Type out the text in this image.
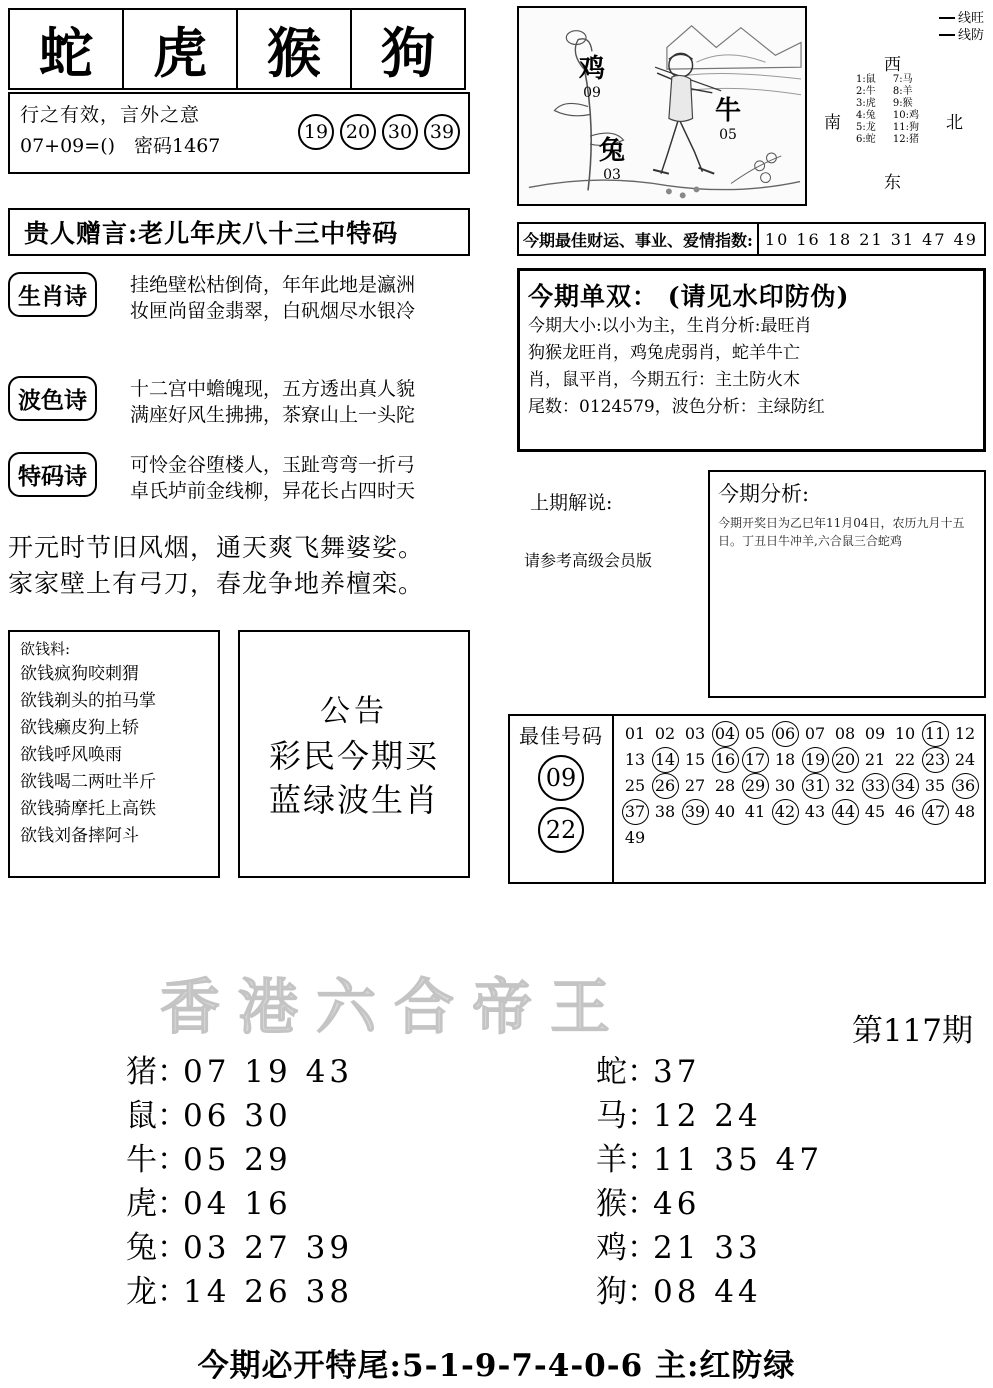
蛇	虎	猴	狗
行之有效，言外之意
07+09=()　密码1467
19 20 30 39
贵人赠言:老儿年庆八十三中特码
生肖诗	挂绝壁松枯倒倚，年年此地是瀛洲
妆匣尚留金翡翠，白矾烟尽水银冷
波色诗	十二宫中蟾魄现，五方透出真人貌
满座好风生拂拂，茶寮山上一头陀
特码诗	可怜金谷堕楼人，玉趾弯弯一折弓
卓氏垆前金线柳，异花长占四时天
开元时节旧风烟，通天爽飞舞婆娑。
家家壁上有弓刀，春龙争地养檀栾。
欲钱料:
欲钱疯狗咬刺猬
欲钱剃头的拍马掌
欲钱癞皮狗上轿
欲钱呼风唤雨
欲钱喝二两吐半斤
欲钱骑摩托上高铁
欲钱刘备摔阿斗
公告
彩民今期买
蓝绿波生肖
鸡
09
牛
05
兔
03
线旺
线防
西
北
南
东
1:鼠
2:牛
3:虎
4:兔
5:龙
6:蛇

7:马
8:羊
9:猴
10:鸡
11:狗
12:猪
今期最佳财运、事业、爱情指数: 10 16 18 21 31 47 49
今期单双： (请见水印防伪)
今期大小:以小为主，生肖分析:最旺肖
狗猴龙旺肖，鸡兔虎弱肖，蛇羊牛亡
肖，鼠平肖，今期五行：主土防火木
尾数：0124579，波色分析：主绿防红
上期解说:
请参考高级会员版
今期分析:
今期开奖日为乙巳年11月04日，农历九月十五日。丁丑日牛冲羊,六合鼠三合蛇鸡
最佳号码
09
22
01 02 03 04 05 06 07 08 09 10 11 12
13 14 15 16 17 18 19 20 21 22 23 24
25 26 27 28 29 30 31 32 33 34 35 36
37 38 39 40 41 42 43 44 45 46 47 48
49
香港六合帝王	第117期
猪 ：
07 19 43
鼠 ：
06 30
牛 ：
05 29
虎 ：
04 16
兔 ：
03 27 39
龙 ：
14 26 38
蛇 ：
37
马 ：
12 24
羊 ：
11 35 47
猴 ：
46
鸡 ：
21 33
狗 ：
08 44
今期必开特尾:5-1-9-7-4-0-6 主:红防绿
